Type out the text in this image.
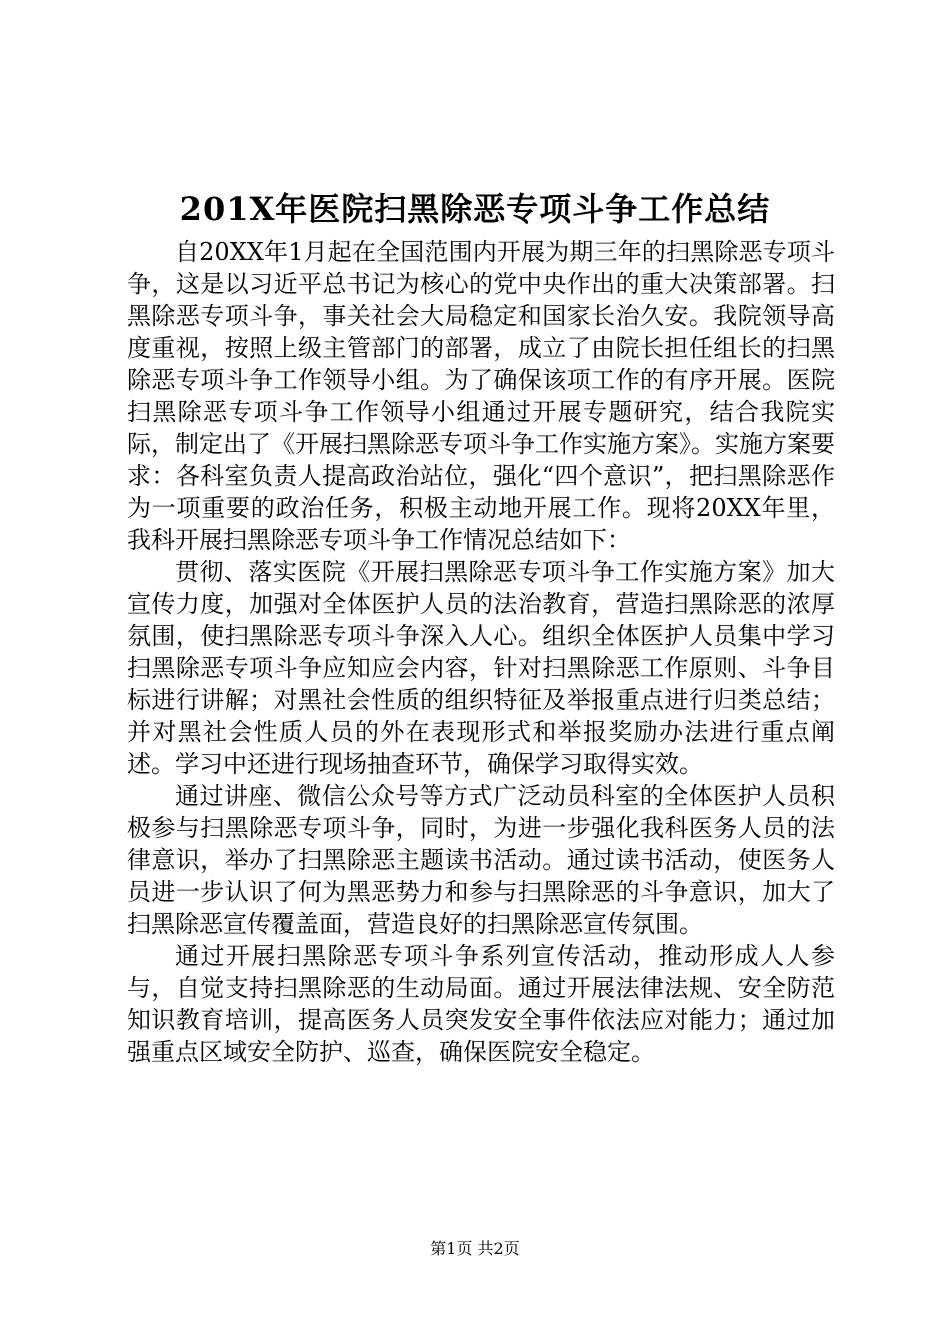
201X年医院扫黑除恶专项斗争工作总结

自20XX年1月起在全国范围内开展为期三年的扫黑除恶专项斗争，这是以习近平总书记为核心的党中央作出的重大决策部署。扫黑除恶专项斗争，事关社会大局稳定和国家长治久安。我院领导高度重视，按照上级主管部门的部署，成立了由院长担任组长的扫黑除恶专项斗争工作领导小组。为了确保该项工作的有序开展。医院扫黑除恶专项斗争工作领导小组通过开展专题研究，结合我院实际，制定出了《开展扫黑除恶专项斗争工作实施方案》。实施方案要求：各科室负责人提高政治站位，强化“四个意识”，把扫黑除恶作为一项重要的政治任务，积极主动地开展工作。现将20XX年里，我科开展扫黑除恶专项斗争工作情况总结如下：

贯彻、落实医院《开展扫黑除恶专项斗争工作实施方案》加大宣传力度，加强对全体医护人员的法治教育，营造扫黑除恶的浓厚氛围，使扫黑除恶专项斗争深入人心。组织全体医护人员集中学习扫黑除恶专项斗争应知应会内容，针对扫黑除恶工作原则、斗争目标进行讲解；对黑社会性质的组织特征及举报重点进行归类总结；并对黑社会性质人员的外在表现形式和举报奖励办法进行重点阐述。学习中还进行现场抽查环节，确保学习取得实效。

通过讲座、微信公众号等方式广泛动员科室的全体医护人员积极参与扫黑除恶专项斗争，同时，为进一步强化我科医务人员的法律意识，举办了扫黑除恶主题读书活动。通过读书活动，使医务人员进一步认识了何为黑恶势力和参与扫黑除恶的斗争意识，加大了扫黑除恶宣传覆盖面，营造良好的扫黑除恶宣传氛围。

通过开展扫黑除恶专项斗争系列宣传活动，推动形成人人参与，自觉支持扫黑除恶的生动局面。通过开展法律法规、安全防范知识教育培训，提高医务人员突发安全事件依法应对能力；通过加强重点区域安全防护、巡查，确保医院安全稳定。

第1页 共2页
